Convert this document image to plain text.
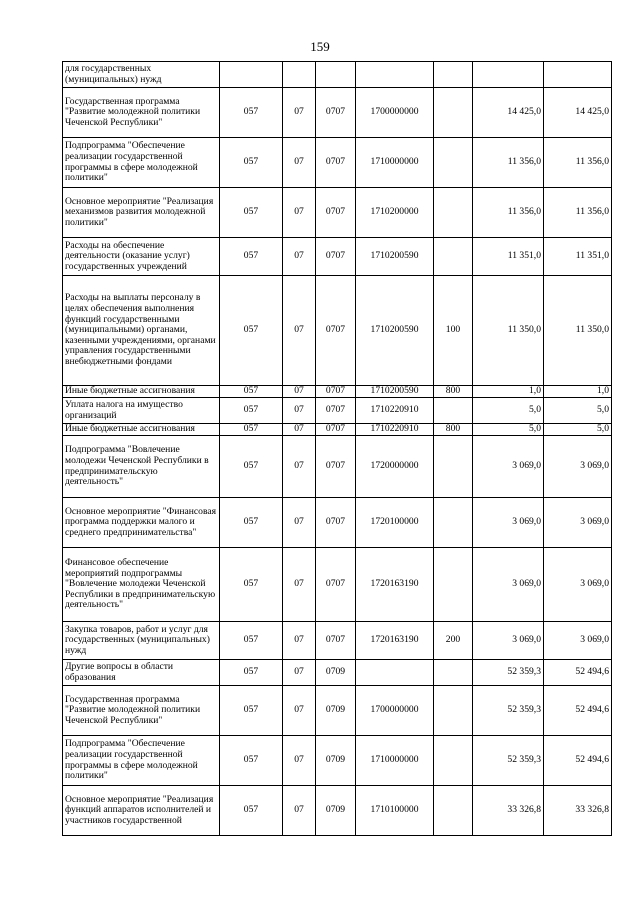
159
для государственных (муниципальных) нужд							
Государственная программа "Развитие молодежной политики Чеченской Республики"	057	07	0707	1700000000		14 425,0	14 425,0
Подпрограмма "Обеспечение реализации государственной программы в сфере молодежной политики"	057	07	0707	1710000000		11 356,0	11 356,0
Основное мероприятие "Реализация механизмов развития молодежной политики"	057	07	0707	1710200000		11 356,0	11 356,0
Расходы на обеспечение деятельности (оказание услуг) государственных учреждений	057	07	0707	1710200590		11 351,0	11 351,0
Расходы на выплаты персоналу в целях обеспечения выполнения функций государственными (муниципальными) органами, казенными учреждениями, органами управления государственными внебюджетными фондами	057	07	0707	1710200590	100	11 350,0	11 350,0
Иные бюджетные ассигнования	057	07	0707	1710200590	800	1,0	1,0
Уплата налога на имущество организаций	057	07	0707	1710220910		5,0	5,0
Иные бюджетные ассигнования	057	07	0707	1710220910	800	5,0	5,0
Подпрограмма "Вовлечение молодежи Чеченской Республики в предпринимательскую деятельность"	057	07	0707	1720000000		3 069,0	3 069,0
Основное мероприятие "Финансовая программа поддержки малого и среднего предпринимательства"	057	07	0707	1720100000		3 069,0	3 069,0
Финансовое обеспечение мероприятий подпрограммы "Вовлечение молодежи Чеченской Республики в предпринимательскую деятельность"	057	07	0707	1720163190		3 069,0	3 069,0
Закупка товаров, работ и услуг для государственных (муниципальных) нужд	057	07	0707	1720163190	200	3 069,0	3 069,0
Другие вопросы в области образования	057	07	0709			52 359,3	52 494,6
Государственная программа "Развитие молодежной политики Чеченской Республики"	057	07	0709	1700000000		52 359,3	52 494,6
Подпрограмма "Обеспечение реализации государственной программы в сфере молодежной политики"	057	07	0709	1710000000		52 359,3	52 494,6
Основное мероприятие "Реализация функций аппаратов исполнителей и участников государственной	057	07	0709	1710100000		33 326,8	33 326,8
